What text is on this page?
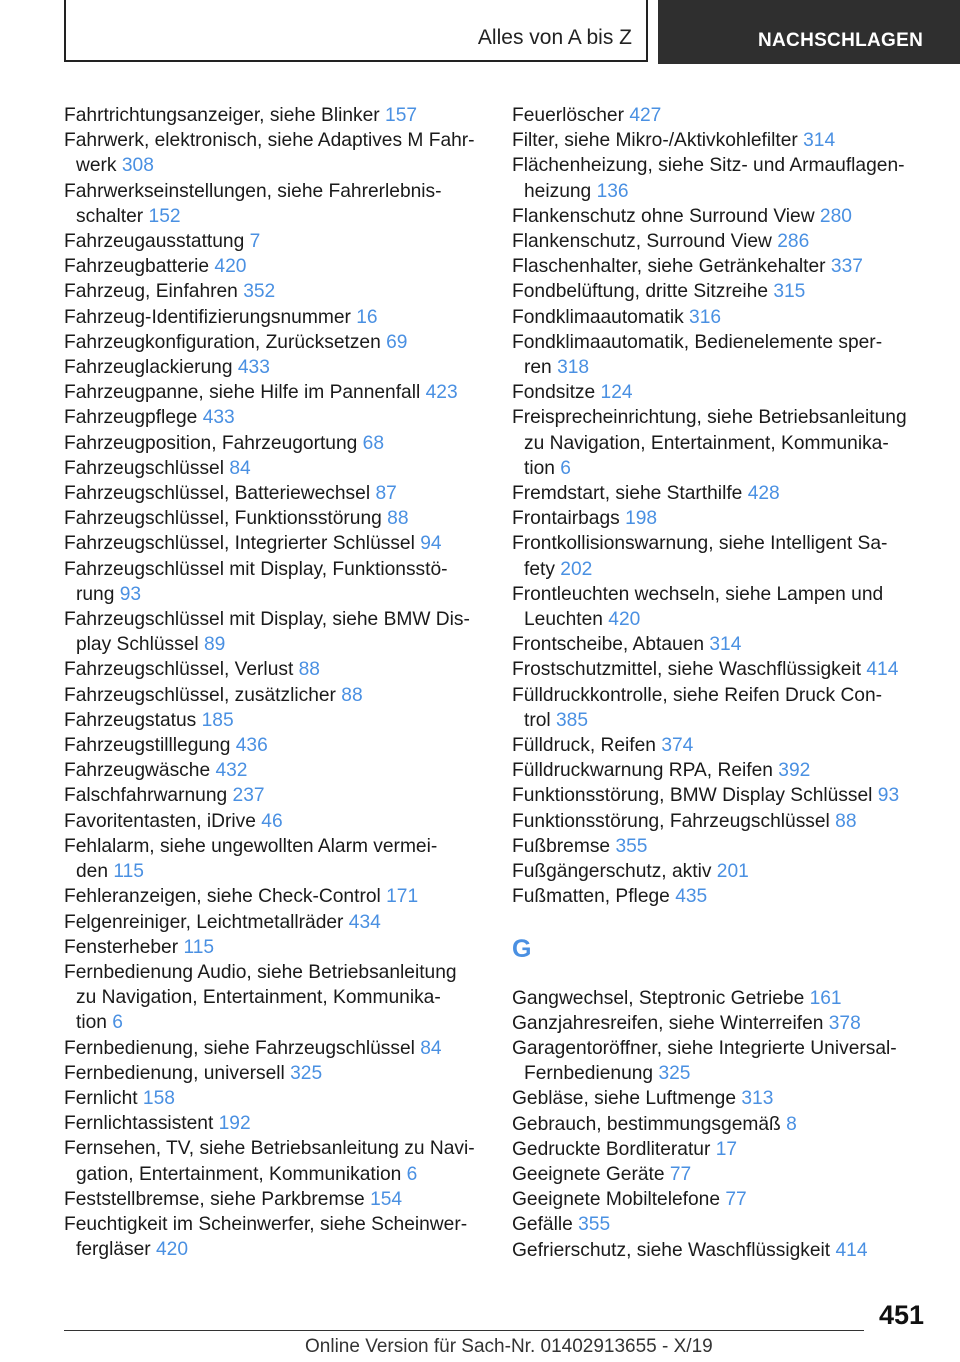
Alles von A bis Z	NACHSCHLAGEN
Fahrtrichtungsanzeiger, siehe Blinker 157
Fahrwerk, elektronisch, siehe Adaptives M Fahr-
werk 308
Fahrwerkseinstellungen, siehe Fahrerlebnis-
schalter 152
Fahrzeugausstattung 7
Fahrzeugbatterie 420
Fahrzeug, Einfahren 352
Fahrzeug-Identifizierungsnummer 16
Fahrzeugkonfiguration, Zurücksetzen 69
Fahrzeuglackierung 433
Fahrzeugpanne, siehe Hilfe im Pannenfall 423
Fahrzeugpflege 433
Fahrzeugposition, Fahrzeugortung 68
Fahrzeugschlüssel 84
Fahrzeugschlüssel, Batteriewechsel 87
Fahrzeugschlüssel, Funktionsstörung 88
Fahrzeugschlüssel, Integrierter Schlüssel 94
Fahrzeugschlüssel mit Display, Funktionsstö-
rung 93
Fahrzeugschlüssel mit Display, siehe BMW Dis-
play Schlüssel 89
Fahrzeugschlüssel, Verlust 88
Fahrzeugschlüssel, zusätzlicher 88
Fahrzeugstatus 185
Fahrzeugstilllegung 436
Fahrzeugwäsche 432
Falschfahrwarnung 237
Favoritentasten, iDrive 46
Fehlalarm, siehe ungewollten Alarm vermei-
den 115
Fehleranzeigen, siehe Check-Control 171
Felgenreiniger, Leichtmetallräder 434
Fensterheber 115
Fernbedienung Audio, siehe Betriebsanleitung
zu Navigation, Entertainment, Kommunika-
tion 6
Fernbedienung, siehe Fahrzeugschlüssel 84
Fernbedienung, universell 325
Fernlicht 158
Fernlichtassistent 192
Fernsehen, TV, siehe Betriebsanleitung zu Navi-
gation, Entertainment, Kommunikation 6
Feststellbremse, siehe Parkbremse 154
Feuchtigkeit im Scheinwerfer, siehe Scheinwer-
fergläser 420
Feuerlöscher 427
Filter, siehe Mikro-/Aktivkohlefilter 314
Flächenheizung, siehe Sitz- und Armauflagen-
heizung 136
Flankenschutz ohne Surround View 280
Flankenschutz, Surround View 286
Flaschenhalter, siehe Getränkehalter 337
Fondbelüftung, dritte Sitzreihe 315
Fondklimaautomatik 316
Fondklimaautomatik, Bedienelemente sper-
ren 318
Fondsitze 124
Freisprecheinrichtung, siehe Betriebsanleitung
zu Navigation, Entertainment, Kommunika-
tion 6
Fremdstart, siehe Starthilfe 428
Frontairbags 198
Frontkollisionswarnung, siehe Intelligent Sa-
fety 202
Frontleuchten wechseln, siehe Lampen und
Leuchten 420
Frontscheibe, Abtauen 314
Frostschutzmittel, siehe Waschflüssigkeit 414
Fülldruckkontrolle, siehe Reifen Druck Con-
trol 385
Fülldruck, Reifen 374
Fülldruckwarnung RPA, Reifen 392
Funktionsstörung, BMW Display Schlüssel 93
Funktionsstörung, Fahrzeugschlüssel 88
Fußbremse 355
Fußgängerschutz, aktiv 201
Fußmatten, Pflege 435
G
Gangwechsel, Steptronic Getriebe 161
Ganzjahresreifen, siehe Winterreifen 378
Garagentoröffner, siehe Integrierte Universal-
Fernbedienung 325
Gebläse, siehe Luftmenge 313
Gebrauch, bestimmungsgemäß 8
Gedruckte Bordliteratur 17
Geeignete Geräte 77
Geeignete Mobiltelefone 77
Gefälle 355
Gefrierschutz, siehe Waschflüssigkeit 414
451
Online Version für Sach-Nr. 01402913655 - X/19
